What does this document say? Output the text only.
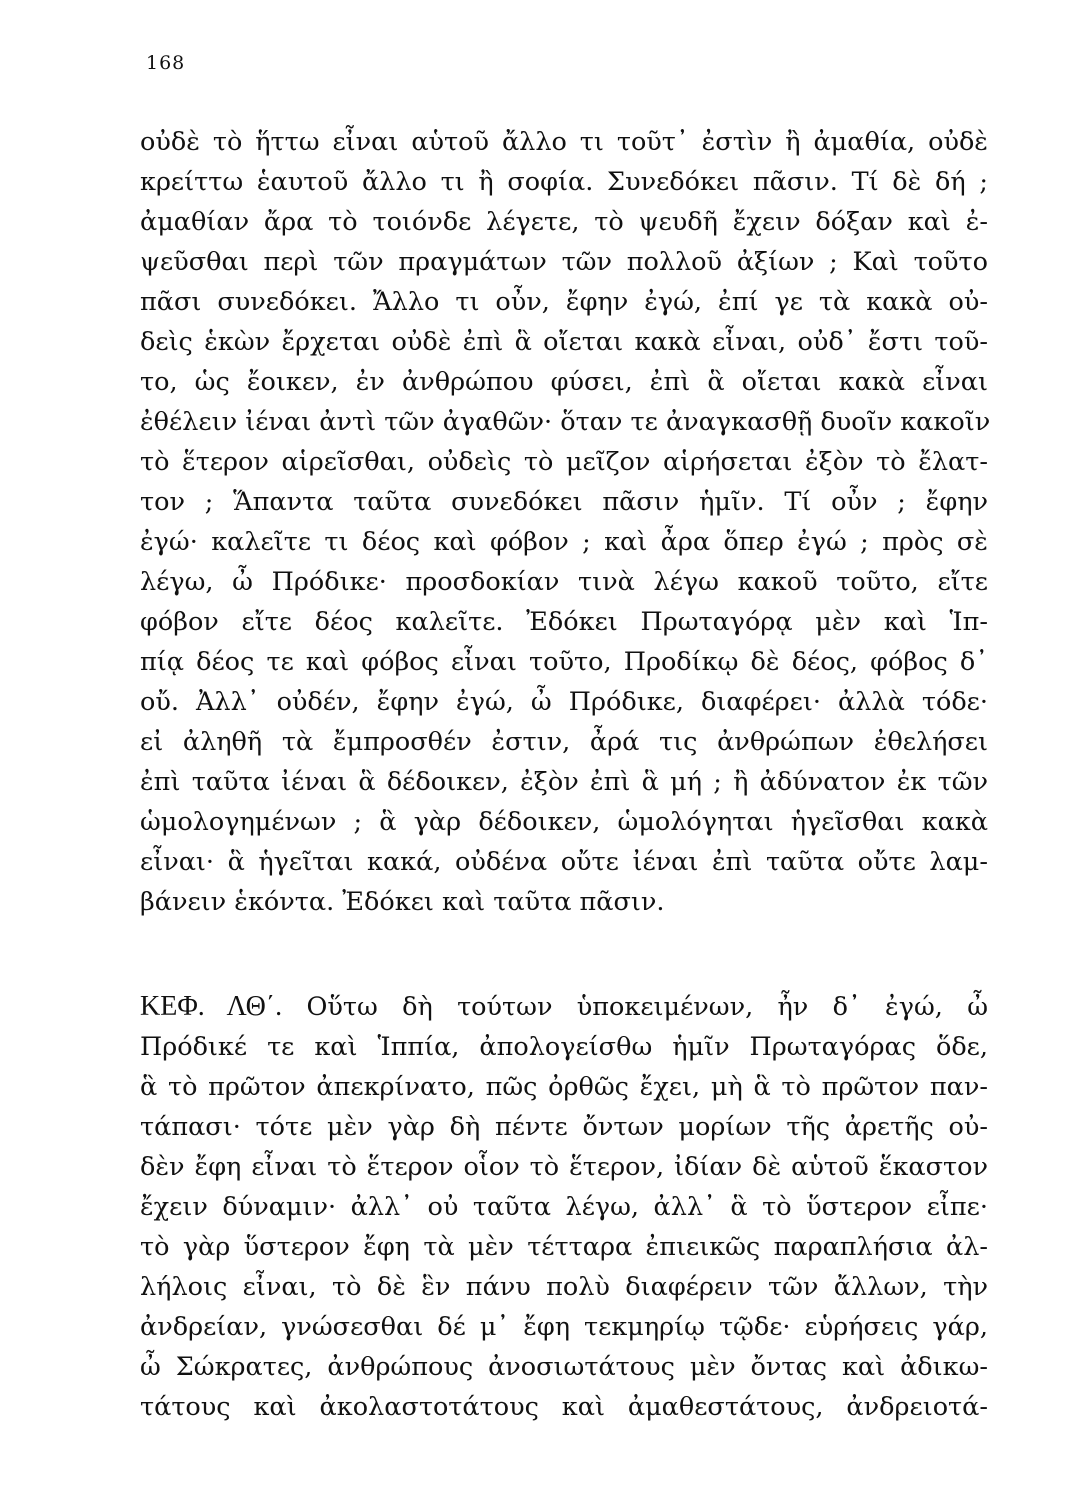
168
οὐδὲ τὸ ἥττω εἶναι αὑτοῦ ἄλλο τι τοῦτ᾽ ἐστὶν ἢ ἀμαθία, οὐδὲ
κρείττω ἑαυτοῦ ἄλλο τι ἢ σοφία. Συνεδόκει πᾶσιν. Τί δὲ δή ;
ἀμαθίαν ἄρα τὸ τοιόνδε λέγετε, τὸ ψευδῆ ἔχειν δόξαν καὶ ἐ-
ψεῦσθαι περὶ τῶν πραγμάτων τῶν πολλοῦ ἀξίων ; Καὶ τοῦτο
πᾶσι συνεδόκει. Ἄλλο τι οὖν, ἔφην ἐγώ, ἐπί γε τὰ κακὰ οὐ-
δεὶς ἑκὼν ἔρχεται οὐδὲ ἐπὶ ἃ οἴεται κακὰ εἶναι, οὐδ᾽ ἔστι τοῦ-
το, ὡς ἔοικεν, ἐν ἀνθρώπου φύσει, ἐπὶ ἃ οἴεται κακὰ εἶναι
ἐθέλειν ἰέναι ἀντὶ τῶν ἀγαθῶν· ὅταν τε ἀναγκασθῇ δυοῖν κακοῖν
τὸ ἕτερον αἱρεῖσθαι, οὐδεὶς τὸ μεῖζον αἱρήσεται ἐξὸν τὸ ἔλατ-
τον ; Ἅπαντα ταῦτα συνεδόκει πᾶσιν ἡμῖν. Τί οὖν ; ἔφην
ἐγώ· καλεῖτε τι δέος καὶ φόβον ; καὶ ἆρα ὅπερ ἐγώ ; πρὸς σὲ
λέγω, ὦ Πρόδικε· προσδοκίαν τινὰ λέγω κακοῦ τοῦτο, εἴτε
φόβον εἴτε δέος καλεῖτε. Ἐδόκει Πρωταγόρᾳ μὲν καὶ Ἱπ-
πίᾳ δέος τε καὶ φόβος εἶναι τοῦτο, Προδίκῳ δὲ δέος, φόβος δ᾽
οὔ. Ἀλλ᾽ οὐδέν, ἔφην ἐγώ, ὦ Πρόδικε, διαφέρει· ἀλλὰ τόδε·
εἰ ἀληθῆ τὰ ἔμπροσθέν ἐστιν, ἆρά τις ἀνθρώπων ἐθελήσει
ἐπὶ ταῦτα ἰέναι ἃ δέδοικεν, ἐξὸν ἐπὶ ἃ μή ; ἢ ἀδύνατον ἐκ τῶν
ὡμολογημένων ; ἃ γὰρ δέδοικεν, ὡμολόγηται ἡγεῖσθαι κακὰ
εἶναι· ἃ ἡγεῖται κακά, οὐδένα οὔτε ἰέναι ἐπὶ ταῦτα οὔτε λαμ-
βάνειν ἑκόντα. Ἐδόκει καὶ ταῦτα πᾶσιν.
ΚΕΦ. ΛΘ΄. Οὕτω δὴ τούτων ὑποκειμένων, ἦν δ᾽ ἐγώ, ὦ
Πρόδικέ τε καὶ Ἱππία, ἀπολογείσθω ἡμῖν Πρωταγόρας ὅδε,
ἃ τὸ πρῶτον ἀπεκρίνατο, πῶς ὀρθῶς ἔχει, μὴ ἃ τὸ πρῶτον παν-
τάπασι· τότε μὲν γὰρ δὴ πέντε ὄντων μορίων τῆς ἀρετῆς οὐ-
δὲν ἔφη εἶναι τὸ ἕτερον οἷον τὸ ἕτερον, ἰδίαν δὲ αὑτοῦ ἕκαστον
ἔχειν δύναμιν· ἀλλ᾽ οὐ ταῦτα λέγω, ἀλλ᾽ ἃ τὸ ὕστερον εἶπε·
τὸ γὰρ ὕστερον ἔφη τὰ μὲν τέτταρα ἐπιεικῶς παραπλήσια ἀλ-
λήλοις εἶναι, τὸ δὲ ἓν πάνυ πολὺ διαφέρειν τῶν ἄλλων, τὴν
ἀνδρείαν, γνώσεσθαι δέ μ᾽ ἔφη τεκμηρίῳ τῷδε· εὑρήσεις γάρ,
ὦ Σώκρατες, ἀνθρώπους ἀνοσιωτάτους μὲν ὄντας καὶ ἀδικω-
τάτους καὶ ἀκολαστοτάτους καὶ ἀμαθεστάτους, ἀνδρειοτά-
